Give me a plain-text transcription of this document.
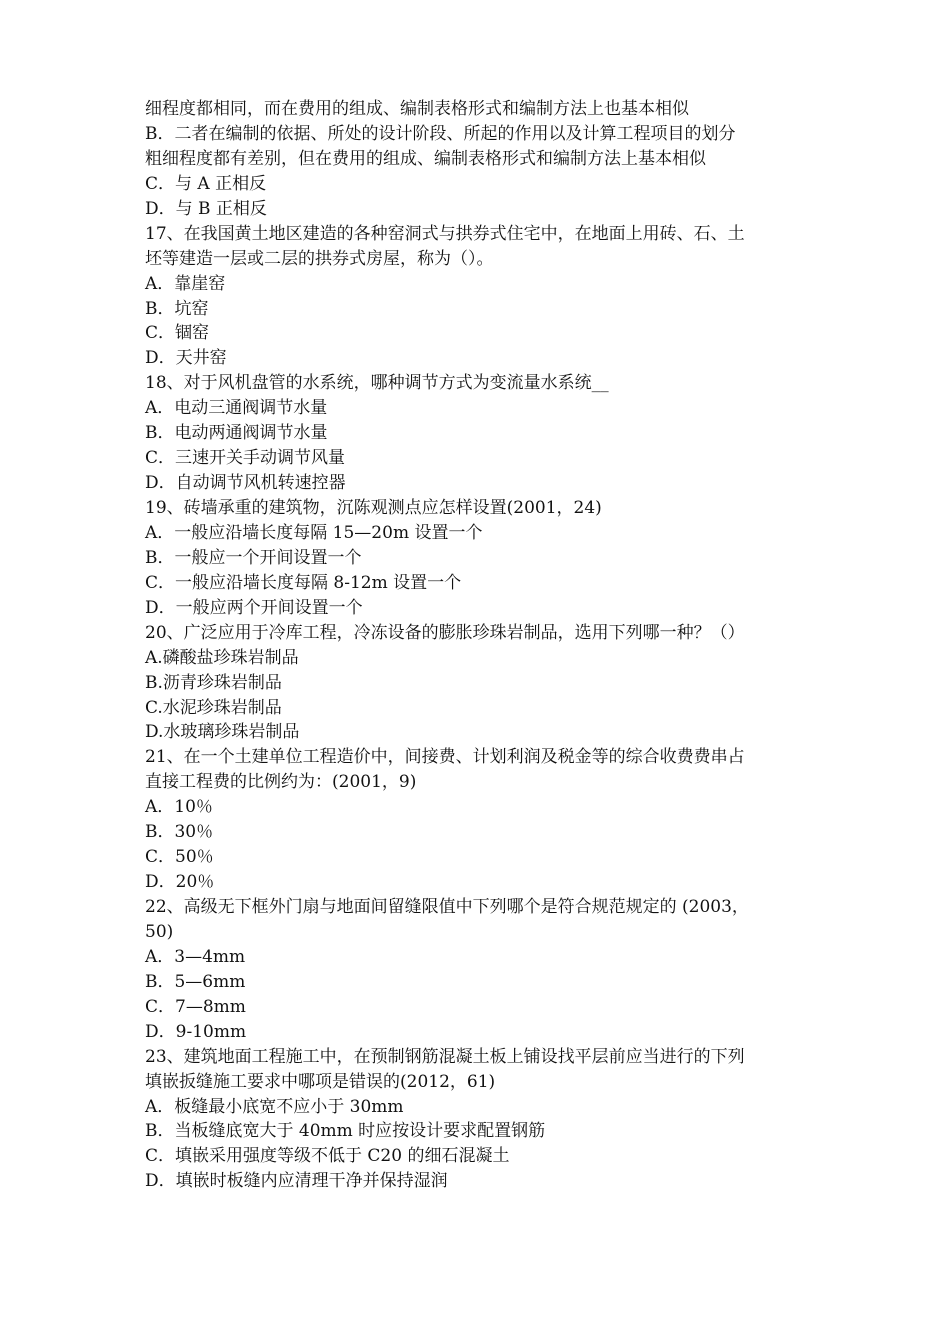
细程度都相同，而在费用的组成、编制表格形式和编制方法上也基本相似
B．二者在编制的依据、所处的设计阶段、所起的作用以及计算工程项目的划分
粗细程度都有差别，但在费用的组成、编制表格形式和编制方法上基本相似
C．与 A 正相反
D．与 B 正相反
17、在我国黄土地区建造的各种窑洞式与拱券式住宅中，在地面上用砖、石、土
坯等建造一层或二层的拱券式房屋，称为（）。
A．靠崖窑
B．坑窑
C．锢窑
D．天井窑
18、对于风机盘管的水系统，哪种调节方式为变流量水系统__
A．电动三通阀调节水量
B．电动两通阀调节水量
C．三速开关手动调节风量
D．自动调节风机转速控器
19、砖墙承重的建筑物，沉陈观测点应怎样设置(2001，24)
A．一般应沿墙长度每隔 15—20m 设置一个
B．一般应一个开间设置一个
C．一般应沿墙长度每隔 8-12m 设置一个
D．一般应两个开间设置一个
20、广泛应用于冷库工程，冷冻设备的膨胀珍珠岩制品，选用下列哪一种？（）
A.磷酸盐珍珠岩制品
B.沥青珍珠岩制品
C.水泥珍珠岩制品
D.水玻璃珍珠岩制品
21、在一个土建单位工程造价中，间接费、计划利润及税金等的综合收费费串占
直接工程费的比例约为：(2001，9)
A．10％
B．30％
C．50％
D．20％
22、高级无下框外门扇与地面间留缝限值中下列哪个是符合规范规定的 (2003，
50)
A．3—4mm
B．5—6mm
C．7—8mm
D．9-10mm
23、建筑地面工程施工中，在预制钢筋混凝土板上铺设找平层前应当进行的下列
填嵌扳缝施工要求中哪项是错误的(2012，61)
A．板缝最小底宽不应小于 30mm
B．当板缝底宽大于 40mm 时应按设计要求配置钢筋
C．填嵌采用强度等级不低于 C20 的细石混凝土
D．填嵌时板缝内应清理干净并保持湿润
